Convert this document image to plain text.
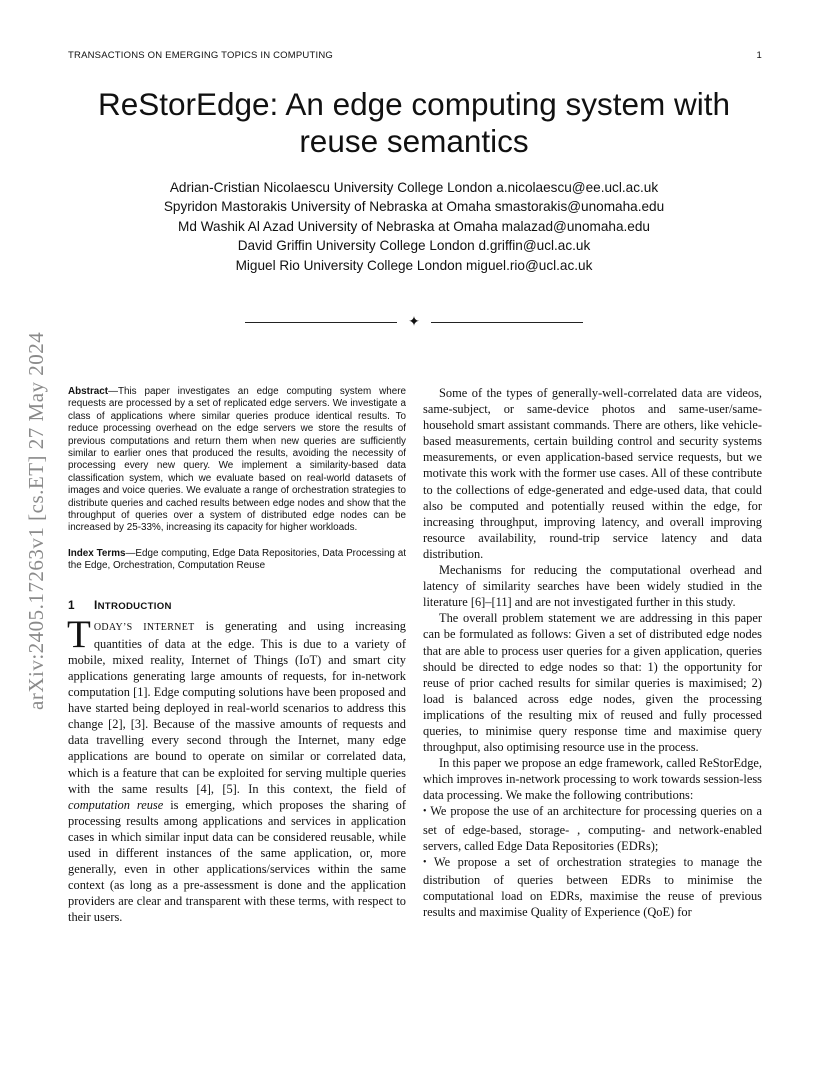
TRANSACTIONS ON EMERGING TOPICS IN COMPUTING	1
ReStorEdge: An edge computing system with
reuse semantics
Adrian-Cristian Nicolaescu University College London a.nicolaescu@ee.ucl.ac.uk
Spyridon Mastorakis University of Nebraska at Omaha smastorakis@unomaha.edu
Md Washik Al Azad University of Nebraska at Omaha malazad@unomaha.edu
David Griffin University College London d.griffin@ucl.ac.uk
Miguel Rio University College London miguel.rio@ucl.ac.uk
✦
arXiv:2405.17263v1 [cs.ET] 27 May 2024	Abstract—This paper investigates an edge computing system where requests are processed by a set of replicated edge servers. We investigate a class of applications where similar queries produce identical results. To reduce processing overhead on the edge servers we store the results of previous computations and return them when new queries are sufficiently similar to earlier ones that produced the results, avoiding the necessity of processing every new query. We implement a similarity-based data classification system, which we evaluate based on real-world datasets of images and voice queries. We evaluate a range of orchestration strategies to distribute queries and cached results between edge nodes and show that the throughput of queries over a system of distributed edge nodes can be increased by 25-33%, increasing its capacity for higher workloads.

Index Terms—Edge computing, Edge Data Repositories, Data Processing at the Edge, Orchestration, Computation Reuse

1 INTRODUCTION

TODAY’S INTERNET is generating and using increasing quantities of data at the edge. This is due to a variety of mobile, mixed reality, Internet of Things (IoT) and smart city applications generating large amounts of requests, for in-network computation [1]. Edge computing solutions have been proposed and have started being deployed in real-world scenarios to address this change [2], [3]. Because of the massive amounts of requests and data travelling every second through the Internet, many edge applications are bound to operate on similar or correlated data, which is a feature that can be exploited for serving multiple queries with the same results [4], [5]. In this context, the field of computation reuse is emerging, which proposes the sharing of processing results among applications and services in application cases in which similar input data can be considered reusable, while used in different instances of the same application, or, more generally, even in other applications/services within the same context (as long as a pre-assessment is done and the application providers are clear and transparent with these terms, with respect to their users.

Some of the types of generally-well-correlated data are videos, same-subject, or same-device photos and same-user/same-household smart assistant commands. There are others, like vehicle-based measurements, certain building control and security systems measurements, or even application-based service requests, but we motivate this work with the former use cases. All of these contribute to the collections of edge-generated and edge-used data, that could also be computed and potentially reused within the edge, for increasing throughput, improving latency, and overall improving resource availability, round-trip service latency and data distribution.

Mechanisms for reducing the computational overhead and latency of similarity searches have been widely studied in the literature [6]–[11] and are not investigated further in this study.

The overall problem statement we are addressing in this paper can be formulated as follows: Given a set of distributed edge nodes that are able to process user queries for a given application, queries should be directed to edge nodes so that: 1) the opportunity for reuse of prior cached results for similar queries is maximised; 2) load is balanced across edge nodes, given the processing implications of the resulting mix of reused and fully processed queries, to minimise query response time and maximise query throughput, also optimising resource use in the process.

In this paper we propose an edge framework, called ReStorEdge, which improves in-network processing to work towards session-less data processing. We make the following contributions:

• We propose the use of an architecture for processing queries on a set of edge-based, storage- , computing- and network-enabled servers, called Edge Data Repositories (EDRs);

• We propose a set of orchestration strategies to manage the distribution of queries between EDRs to minimise the computational load on EDRs, maximise the reuse of previous results and maximise Quality of Experience (QoE) for
